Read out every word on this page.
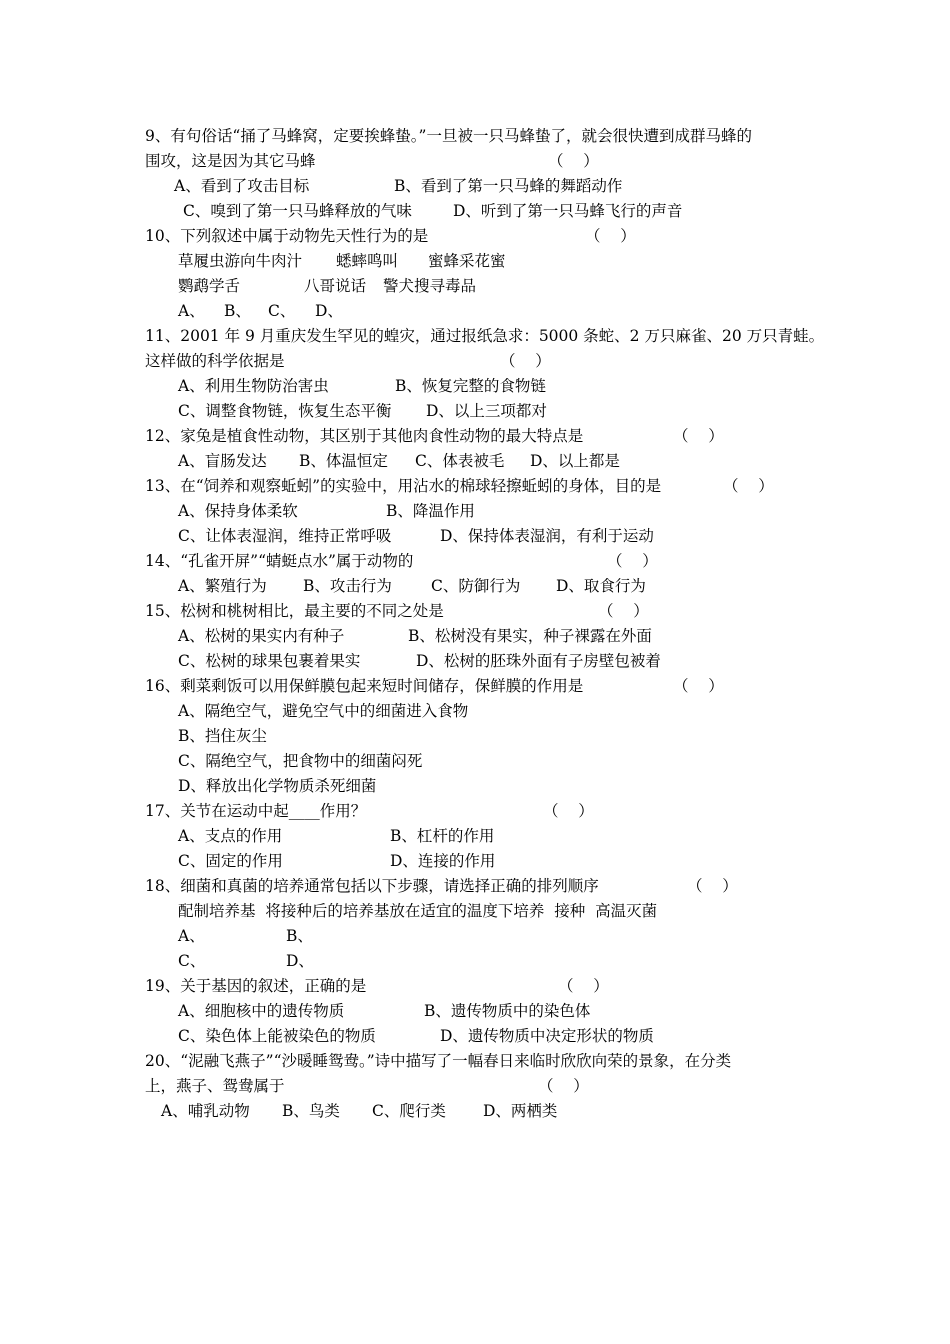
9、有句俗话“捅了马蜂窝，定要挨蜂蛰。”一旦被一只马蜂蛰了，就会很快遭到成群马蜂的
围攻，这是因为其它马蜂	（    ）
A、看到了攻击目标	B、看到了第一只马蜂的舞蹈动作
C、嗅到了第一只马蜂释放的气味	D、听到了第一只马蜂飞行的声音
10、下列叙述中属于动物先天性行为的是	（    ）
草履虫游向牛肉汁 蟋蟀鸣叫 蜜蜂采花蜜
鹦鹉学舌	八哥说话 警犬搜寻毒品
A、 B、 C、 D、
11、2001 年 9 月重庆发生罕见的蝗灾，通过报纸急求：5000 条蛇、2 万只麻雀、20 万只青蛙。
这样做的科学依据是	（    ）
A、利用生物防治害虫	B、恢复完整的食物链
C、调整食物链，恢复生态平衡 D、以上三项都对
12、家兔是植食性动物，其区别于其他肉食性动物的最大特点是	（    ）
A、盲肠发达 B、体温恒定 C、体表被毛 D、以上都是
13、在“饲养和观察蚯蚓”的实验中，用沾水的棉球轻擦蚯蚓的身体，目的是	（    ）
A、保持身体柔软	B、降温作用
C、让体表湿润，维持正常呼吸	D、保持体表湿润，有利于运动
14、“孔雀开屏”“蜻蜓点水”属于动物的	（    ）
A、繁殖行为 B、攻击行为	C、防御行为 D、取食行为
15、松树和桃树相比，最主要的不同之处是	（    ）
A、松树的果实内有种子	B、松树没有果实，种子裸露在外面
C、松树的球果包裹着果实	D、松树的胚珠外面有子房壁包被着
16、剩菜剩饭可以用保鲜膜包起来短时间储存，保鲜膜的作用是	（    ）
A、隔绝空气，避免空气中的细菌进入食物
B、挡住灰尘
C、隔绝空气，把食物中的细菌闷死
D、释放出化学物质杀死细菌
17、关节在运动中起____作用？	（    ）
A、支点的作用	B、杠杆的作用
C、固定的作用	D、连接的作用
18、细菌和真菌的培养通常包括以下步骤，请选择正确的排列顺序	（    ）
配制培养基  将接种后的培养基放在适宜的温度下培养  接种  高温灭菌
A、	B、
C、	D、
19、关于基因的叙述，正确的是	（    ）
A、细胞核中的遗传物质	B、遗传物质中的染色体
C、染色体上能被染色的物质	D、遗传物质中决定形状的物质
20、“泥融飞燕子”“沙暖睡鸳鸯。”诗中描写了一幅春日来临时欣欣向荣的景象，在分类
上，燕子、鸳鸯属于	（    ）
A、哺乳动物 B、鸟类 C、爬行类 D、两栖类
